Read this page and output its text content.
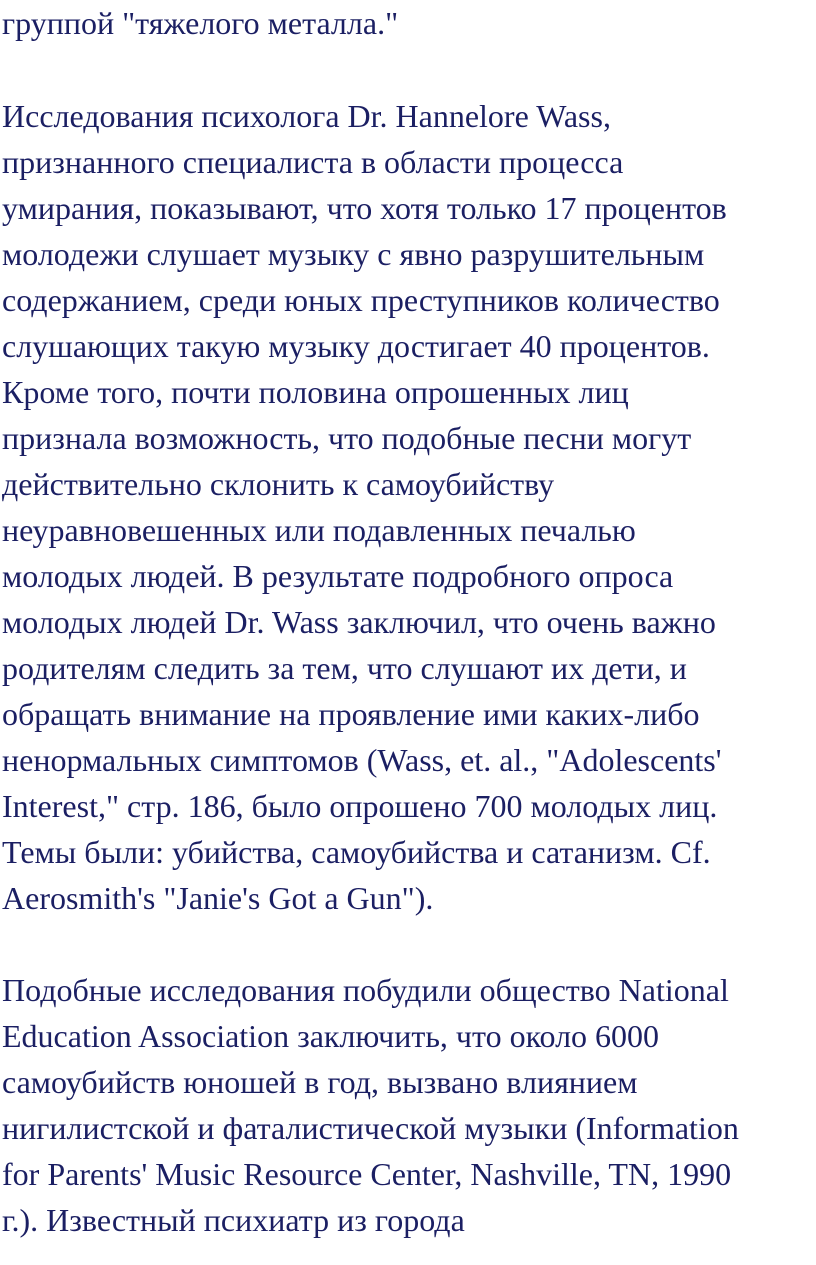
группой "тяжелого металла."

Исследования психолога Dr. Hannelore Wass,

признанного специалиста в области процесса

умирания, показывают, что хотя только 17 процентов

молодежи слушает музыку с явно разрушительным

содержанием, среди юных преступников количество

слушающих такую музыку достигает 40 процентов.

Кроме того, почти половина опрошенных лиц

признала возможность, что подобные песни могут

действительно склонить к самоубийству

неуравновешенных или подавленных печалью

молодых людей. В результате подробного опроса

молодых людей Dr. Wass заключил, что очень важно

родителям следить за тем, что слушают их дети, и

обращать внимание на проявление ими каких-либо

ненормальных симптомов (Wass, et. al., "Adolescents'

Interest," стр. 186, было опрошено 700 молодых лиц.

Темы были: убийства, самоубийства и сатанизм. Cf.

Aerosmith's "Janie's Got a Gun").

Подобные исследования побудили общество National

Education Association заключить, что около 6000

самоубийств юношей в год, вызвано влиянием

нигилистской и фаталистической музыки (Information

for Parents' Music Resource Center, Nashville, TN, 1990

г.). Известный психиатр из города
